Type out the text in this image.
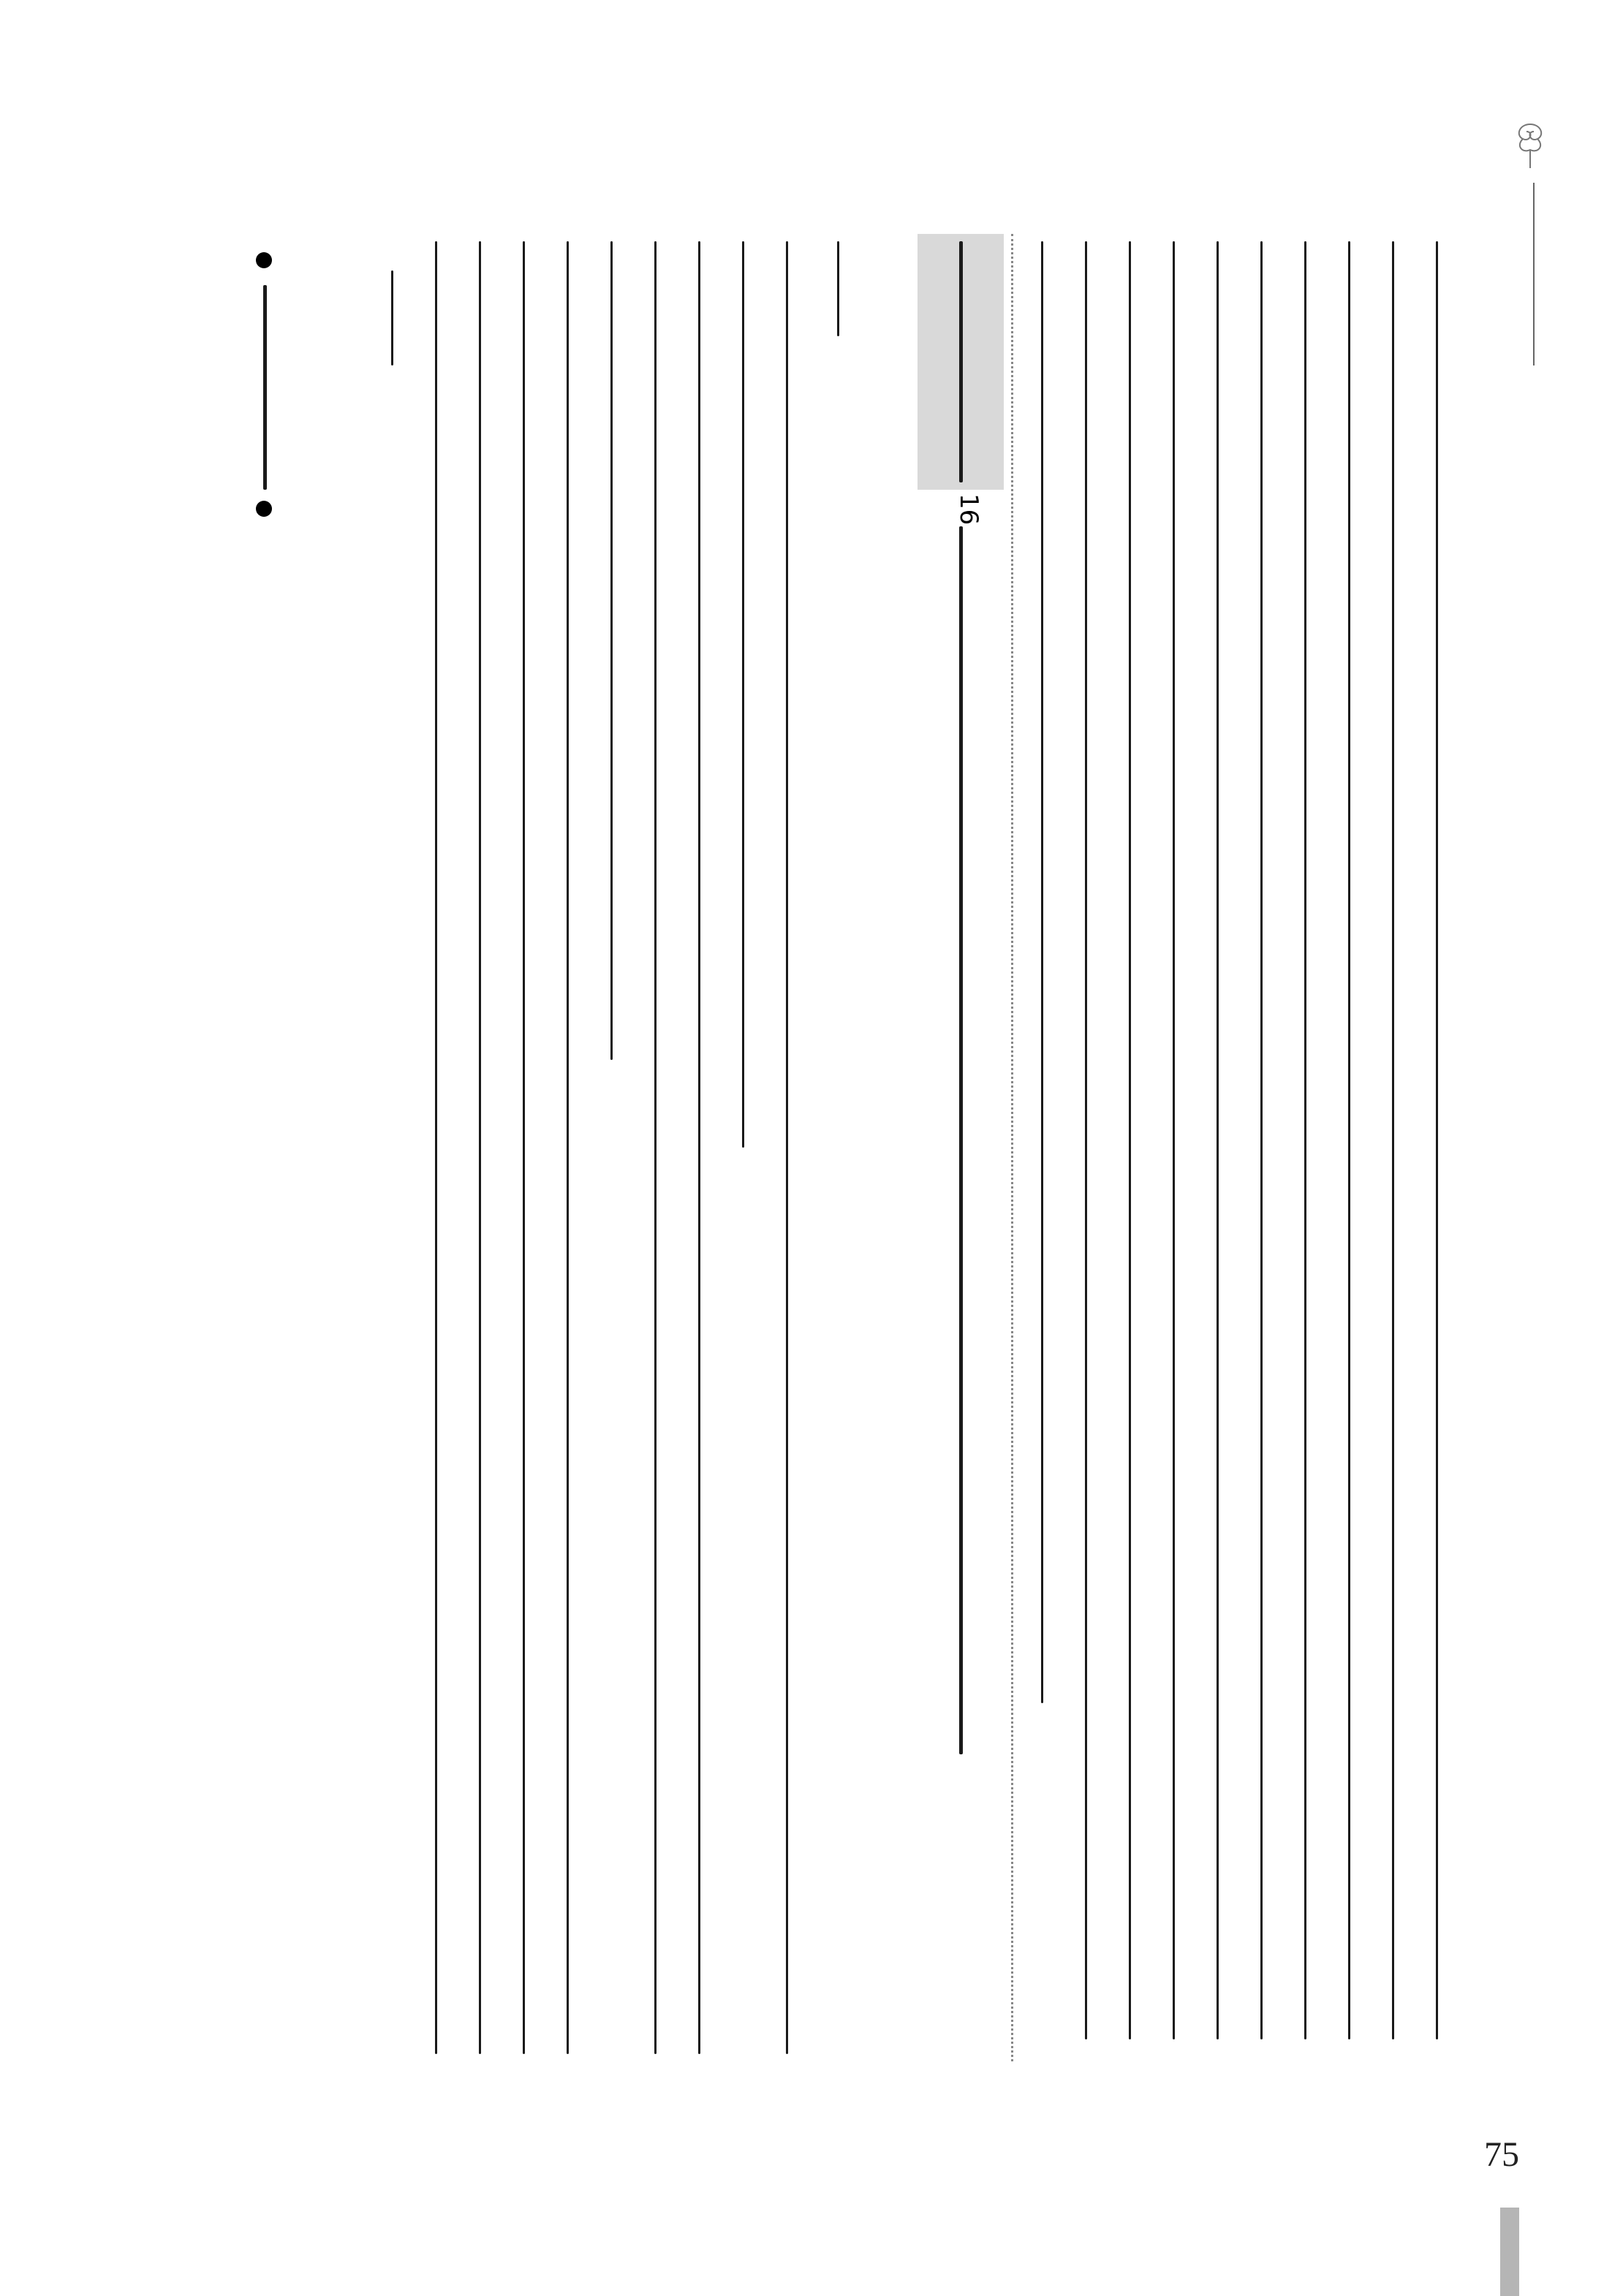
16
75
